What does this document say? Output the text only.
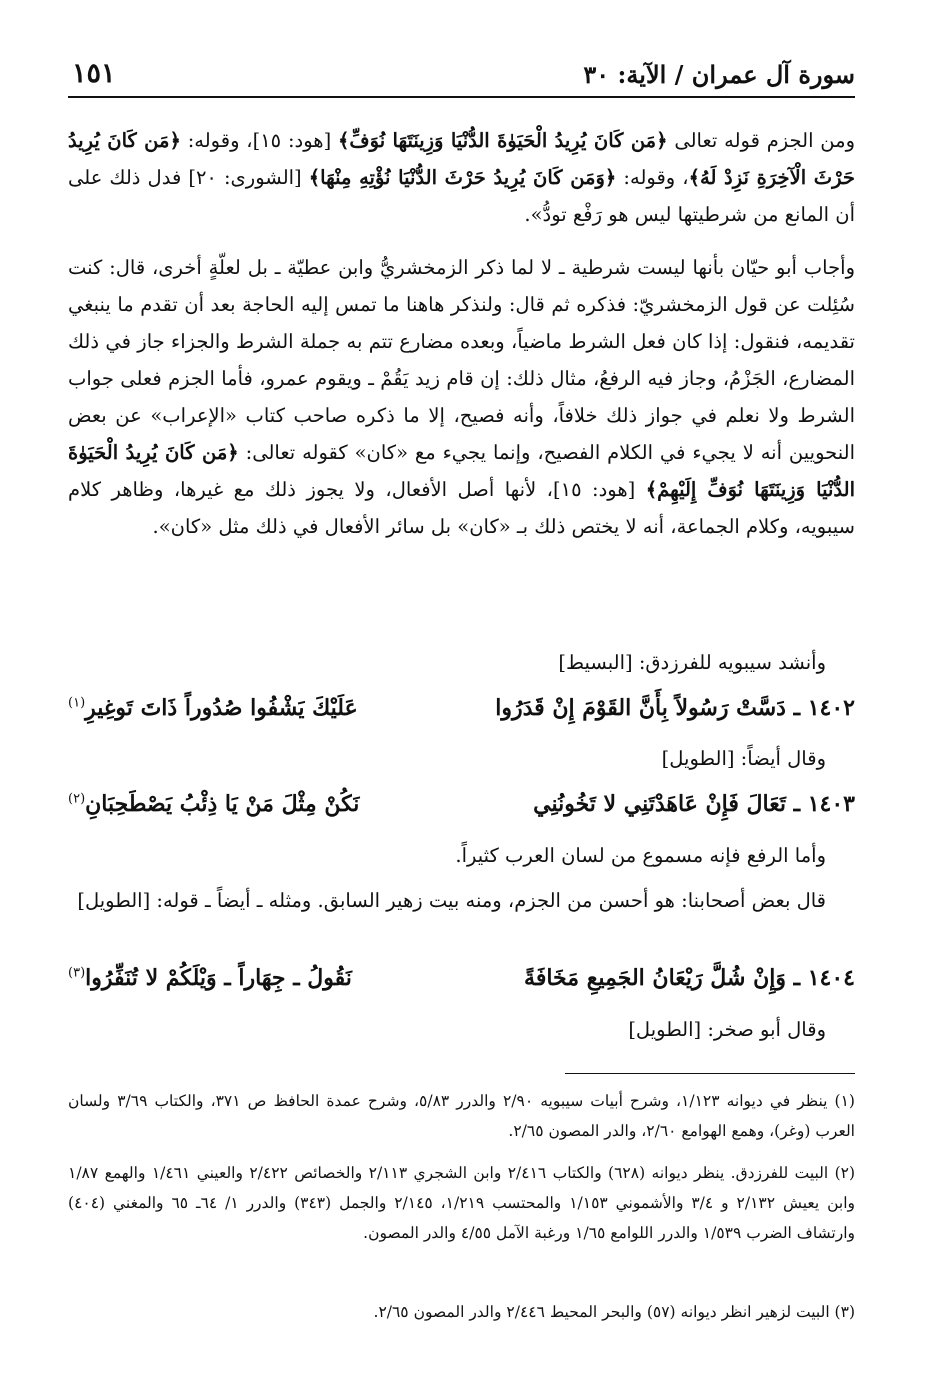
سورة آل عمران / الآية: ٣٠
١٥١

ومن الجزم قوله تعالى ﴿مَن كَانَ يُرِيدُ الْحَيَوٰةَ الدُّنْيَا وَزِينَتَهَا نُوَفِّ﴾ [هود: ١٥]، وقوله: ﴿مَن كَانَ يُرِيدُ حَرْثَ الْآخِرَةِ نَزِدْ لَهُ﴾، وقوله: ﴿وَمَن كَانَ يُرِيدُ حَرْثَ الدُّنْيَا نُؤْتِهِ مِنْهَا﴾ [الشورى: ٢٠] فدل ذلك على أن المانع من شرطيتها ليس هو رَفْع تودُّ».

وأجاب أبو حيّان بأنها ليست شرطية ـ لا لما ذكر الزمخشريُّ وابن عطيّة ـ بل لعلّةٍ أخرى، قال: كنت سُئِلت عن قول الزمخشريّ: فذكره ثم قال: ولنذكر هاهنا ما تمس إليه الحاجة بعد أن تقدم ما ينبغي تقديمه، فنقول: إذا كان فعل الشرط ماضياً، وبعده مضارع تتم به جملة الشرط والجزاء جاز في ذلك المضارع، الجَزْمُ، وجاز فيه الرفعُ، مثال ذلك: إن قام زيد يَقُمْ ـ ويقوم عمرو، فأما الجزم فعلى جواب الشرط ولا نعلم في جواز ذلك خلافاً، وأنه فصيح، إلا ما ذكره صاحب كتاب «الإعراب» عن بعض النحويين أنه لا يجيء في الكلام الفصيح، وإنما يجيء مع «كان» كقوله تعالى: ﴿مَن كَانَ يُرِيدُ الْحَيَوٰةَ الدُّنْيَا وَزِينَتَهَا نُوَفِّ إِلَيْهِمْ﴾ [هود: ١٥]، لأنها أصل الأفعال، ولا يجوز ذلك مع غيرها، وظاهر كلام سيبويه، وكلام الجماعة، أنه لا يختص ذلك بـ «كان» بل سائر الأفعال في ذلك مثل «كان».

وأنشد سيبويه للفرزدق: [البسيط]
١٤٠٢ ـ دَسَّتْ رَسُولاً بِأَنَّ القَوْمَ إِنْ قَدَرُوا
عَلَيْكَ يَشْفُوا صُدُوراً ذَاتَ تَوغِيرِ$^{(١)}$
وقال أيضاً: [الطويل]
١٤٠٣ ـ تَعَالَ فَإِنْ عَاهَدْتَنِي لا تَخُونُنِي
نَكُنْ مِثْلَ مَنْ يَا ذِئْبُ يَصْطَحِبَانِ$^{(٢)}$
وأما الرفع فإنه مسموع من لسان العرب كثيراً.

قال بعض أصحابنا: هو أحسن من الجزم، ومنه بيت زهير السابق. ومثله ـ أيضاً ـ قوله: [الطويل]

١٤٠٤ ـ وَإِنْ شُلَّ رَيْعَانُ الجَمِيعِ مَخَافَةً
نَقُولُ ـ جِهَاراً ـ وَيْلَكُمْ لا تُنَفِّرُوا$^{(٣)}$
وقال أبو صخر: [الطويل]

(١) ينظر في ديوانه ١/١٢٣، وشرح أبيات سيبويه ٢/٩٠ والدرر ٥/٨٣، وشرح عمدة الحافظ ص ٣٧١، والكتاب ٣/٦٩ ولسان العرب (وغر)، وهمع الهوامع ٢/٦٠، والدر المصون ٢/٦٥.

(٢) البيت للفرزدق. ينظر ديوانه (٦٢٨) والكتاب ٢/٤١٦ وابن الشجري ٢/١١٣ والخصائص ٢/٤٢٢ والعيني ١/٤٦١ والهمع ١/٨٧ وابن يعيش ٢/١٣٢ و ٣/٤ والأشموني ١/١٥٣ والمحتسب ١/٢١٩، ٢/١٤٥ والجمل (٣٤٣) والدرر ١/ ٦٤ـ ٦٥ والمغني (٤٠٤) وارتشاف الضرب ١/٥٣٩ والدرر اللوامع ١/٦٥ ورغبة الآمل ٤/٥٥ والدر المصون.

(٣) البيت لزهير انظر ديوانه (٥٧) والبحر المحيط ٢/٤٤٦ والدر المصون ٢/٦٥.
